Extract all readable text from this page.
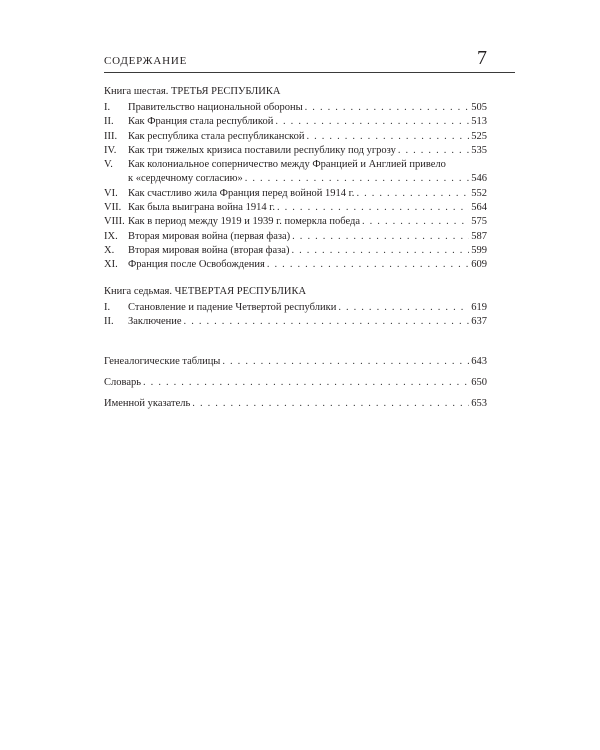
СОДЕРЖАНИЕ	7
Книга шестая. ТРЕТЬЯ РЕСПУБЛИКА
I.	Правительство национальной обороны . . .	505
II.	Как Франция стала республикой . . .	513
III.	Как республика стала республиканской . . .	525
IV.	Как три тяжелых кризиса поставили республику под угрозу . . .	535
V.	Как колониальное соперничество между Францией и Англией привело
к «сердечному согласию» . . .	546
VI. Как счастливо жила Франция перед войной 1914 г. . . .	552
VII. Как была выиграна война 1914 г. . . .	564
VIII. Как в период между 1919 и 1939 г. померкла победа . . .	575
IX. Вторая мировая война (первая фаза) . . .	587
X.	Вторая мировая война (вторая фаза) . . .	599
XI. Франция после Освобождения . . .	609
Книга седьмая. ЧЕТВЕРТАЯ РЕСПУБЛИКА
I.	Становление и падение Четвертой республики . . .	619
II.	Заключение . . .	637
Генеалогические таблицы . . .	643
Словарь . . .	650
Именной указатель . . .	653
